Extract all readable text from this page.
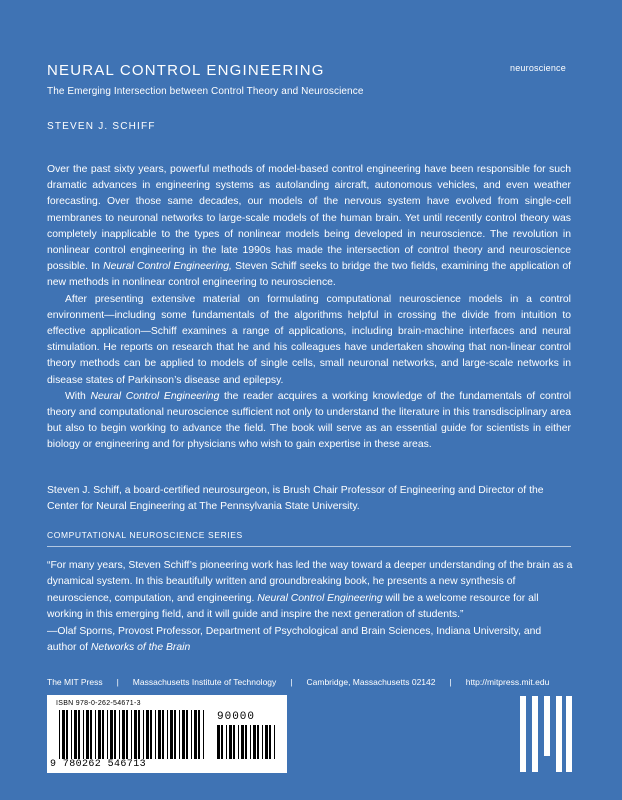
neuroscience
NEURAL CONTROL ENGINEERING
The Emerging Intersection between Control Theory and Neuroscience
STEVEN J. SCHIFF

Over the past sixty years, powerful methods of model-based control engineering have been responsible for such dramatic advances in engineering systems as autolanding aircraft, autonomous vehicles, and even weather forecasting. Over those same decades, our models of the nervous system have evolved from single-cell membranes to neuronal networks to large-scale models of the human brain. Yet until recently control theory was completely inapplicable to the types of nonlinear models being developed in neuroscience. The revolution in nonlinear control engineering in the late 1990s has made the intersection of control theory and neuroscience possible. In Neural Control Engineering, Steven Schiff seeks to bridge the two fields, examining the application of new methods in nonlinear control engineering to neuroscience.

After presenting extensive material on formulating computational neuroscience models in a control environment—including some fundamentals of the algorithms helpful in crossing the divide from intuition to effective application—Schiff examines a range of applications, including brain-machine interfaces and neural stimulation. He reports on research that he and his colleagues have undertaken showing that non-linear control theory methods can be applied to models of single cells, small neuronal networks, and large-scale networks in disease states of Parkinson’s disease and epilepsy.

With Neural Control Engineering the reader acquires a working knowledge of the fundamentals of control theory and computational neuroscience sufficient not only to understand the literature in this transdisciplinary area but also to begin working to advance the field. The book will serve as an essential guide for scientists in either biology or engineering and for physicians who wish to gain expertise in these areas.

Steven J. Schiff, a board-certified neurosurgeon, is Brush Chair Professor of Engineering and Director of the Center for Neural Engineering at The Pennsylvania State University.
COMPUTATIONAL NEUROSCIENCE SERIES

“For many years, Steven Schiff’s pioneering work has led the way toward a deeper understanding of the brain as a dynamical system. In this beautifully written and groundbreaking book, he presents a new synthesis of neuroscience, computation, and engineering. Neural Control Engineering will be a welcome resource for all working in this emerging field, and it will guide and inspire the next generation of students.”

—Olaf Sporns, Provost Professor, Department of Psychological and Brain Sciences, Indiana University, and author of Networks of the Brain

The MIT Press | Massachusetts Institute of Technology | Cambridge, Massachusetts 02142 | http://mitpress.mit.edu
ISBN 978-0-262-54671-3
90000
9 780262 546713
